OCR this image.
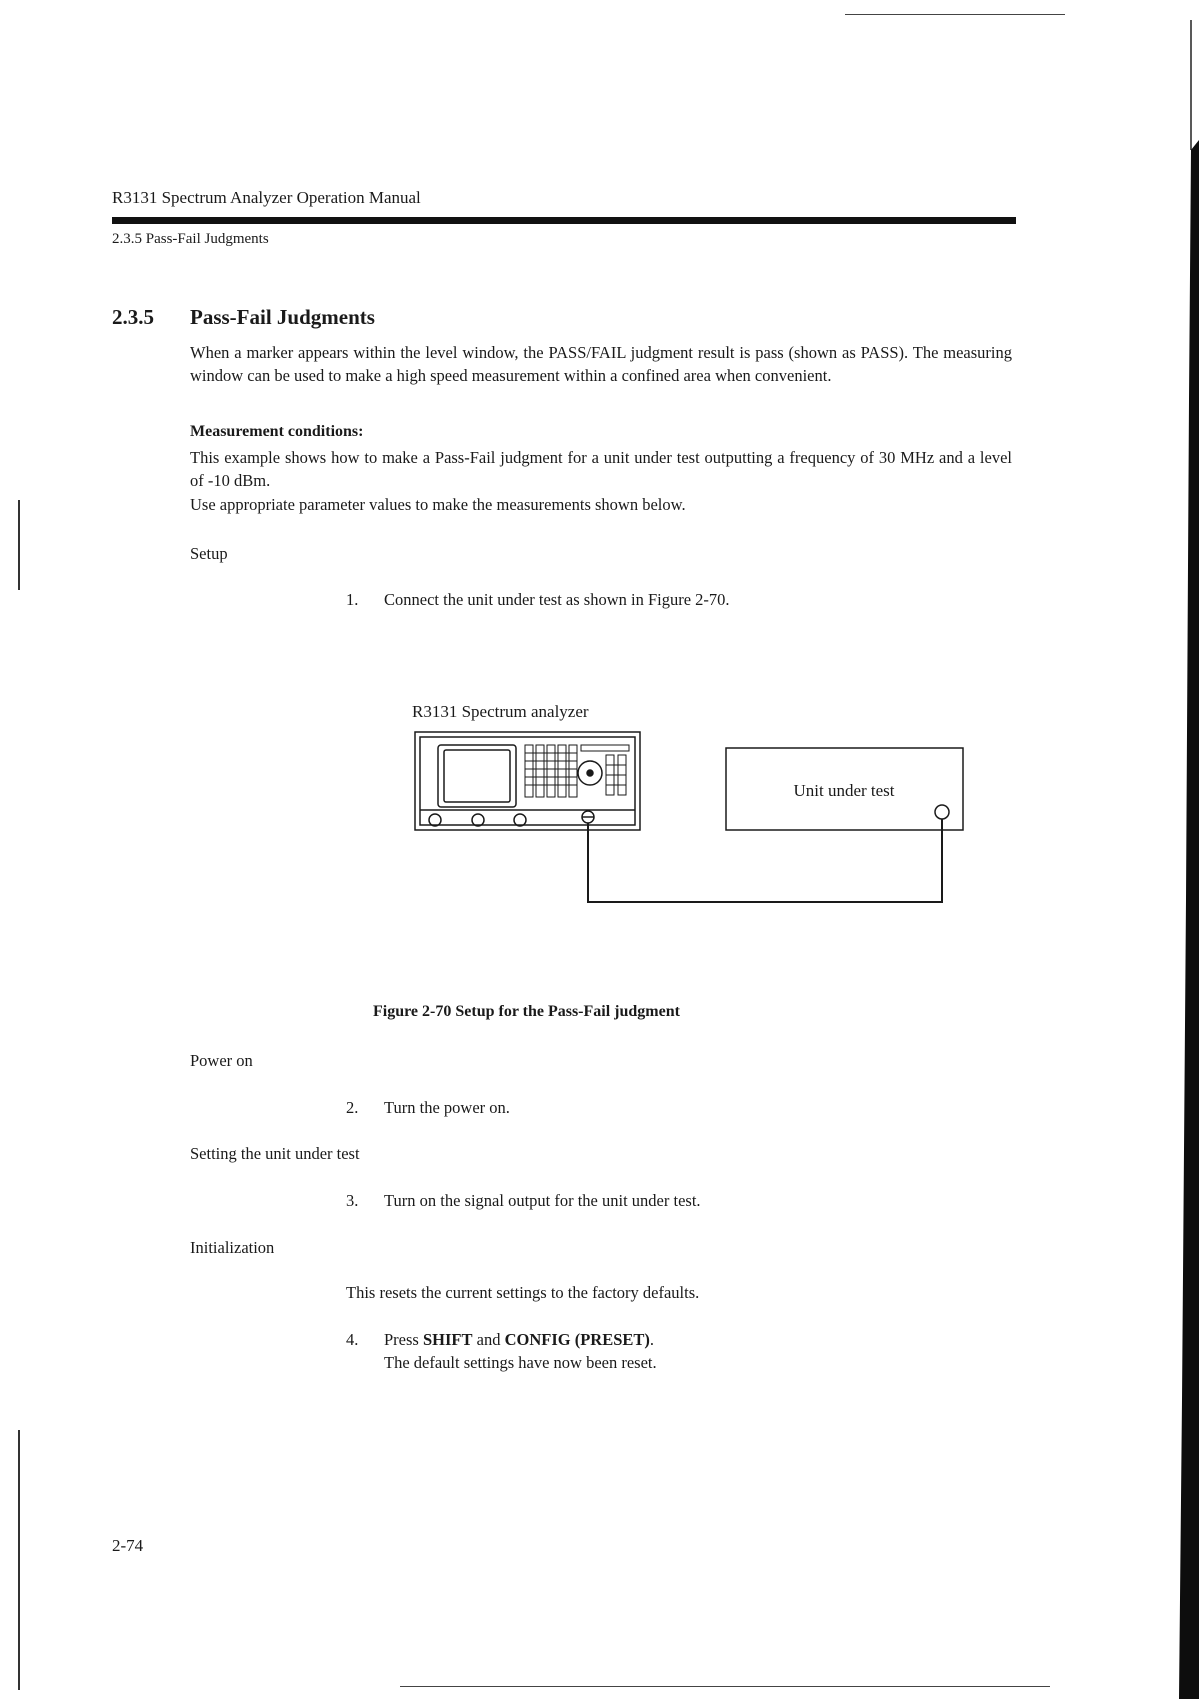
R3131 Spectrum Analyzer Operation Manual
2.3.5 Pass-Fail Judgments
2.3.5 Pass-Fail Judgments
When a marker appears within the level window, the PASS/FAIL judgment result is pass (shown as PASS). The measuring window can be used to make a high speed measurement within a confined area when convenient.
Measurement conditions:
This example shows how to make a Pass-Fail judgment for a unit under test outputting a frequency of 30 MHz and a level of -10 dBm.
Use appropriate parameter values to make the measurements shown below.
Setup
1. Connect the unit under test as shown in Figure 2-70.
R3131 Spectrum analyzer
Unit under test
Figure 2-70 Setup for the Pass-Fail judgment
Power on
2. Turn the power on.
Setting the unit under test
3. Turn on the signal output for the unit under test.
Initialization
This resets the current settings to the factory defaults.
4. Press SHIFT and CONFIG (PRESET).
The default settings have now been reset.
2-74
